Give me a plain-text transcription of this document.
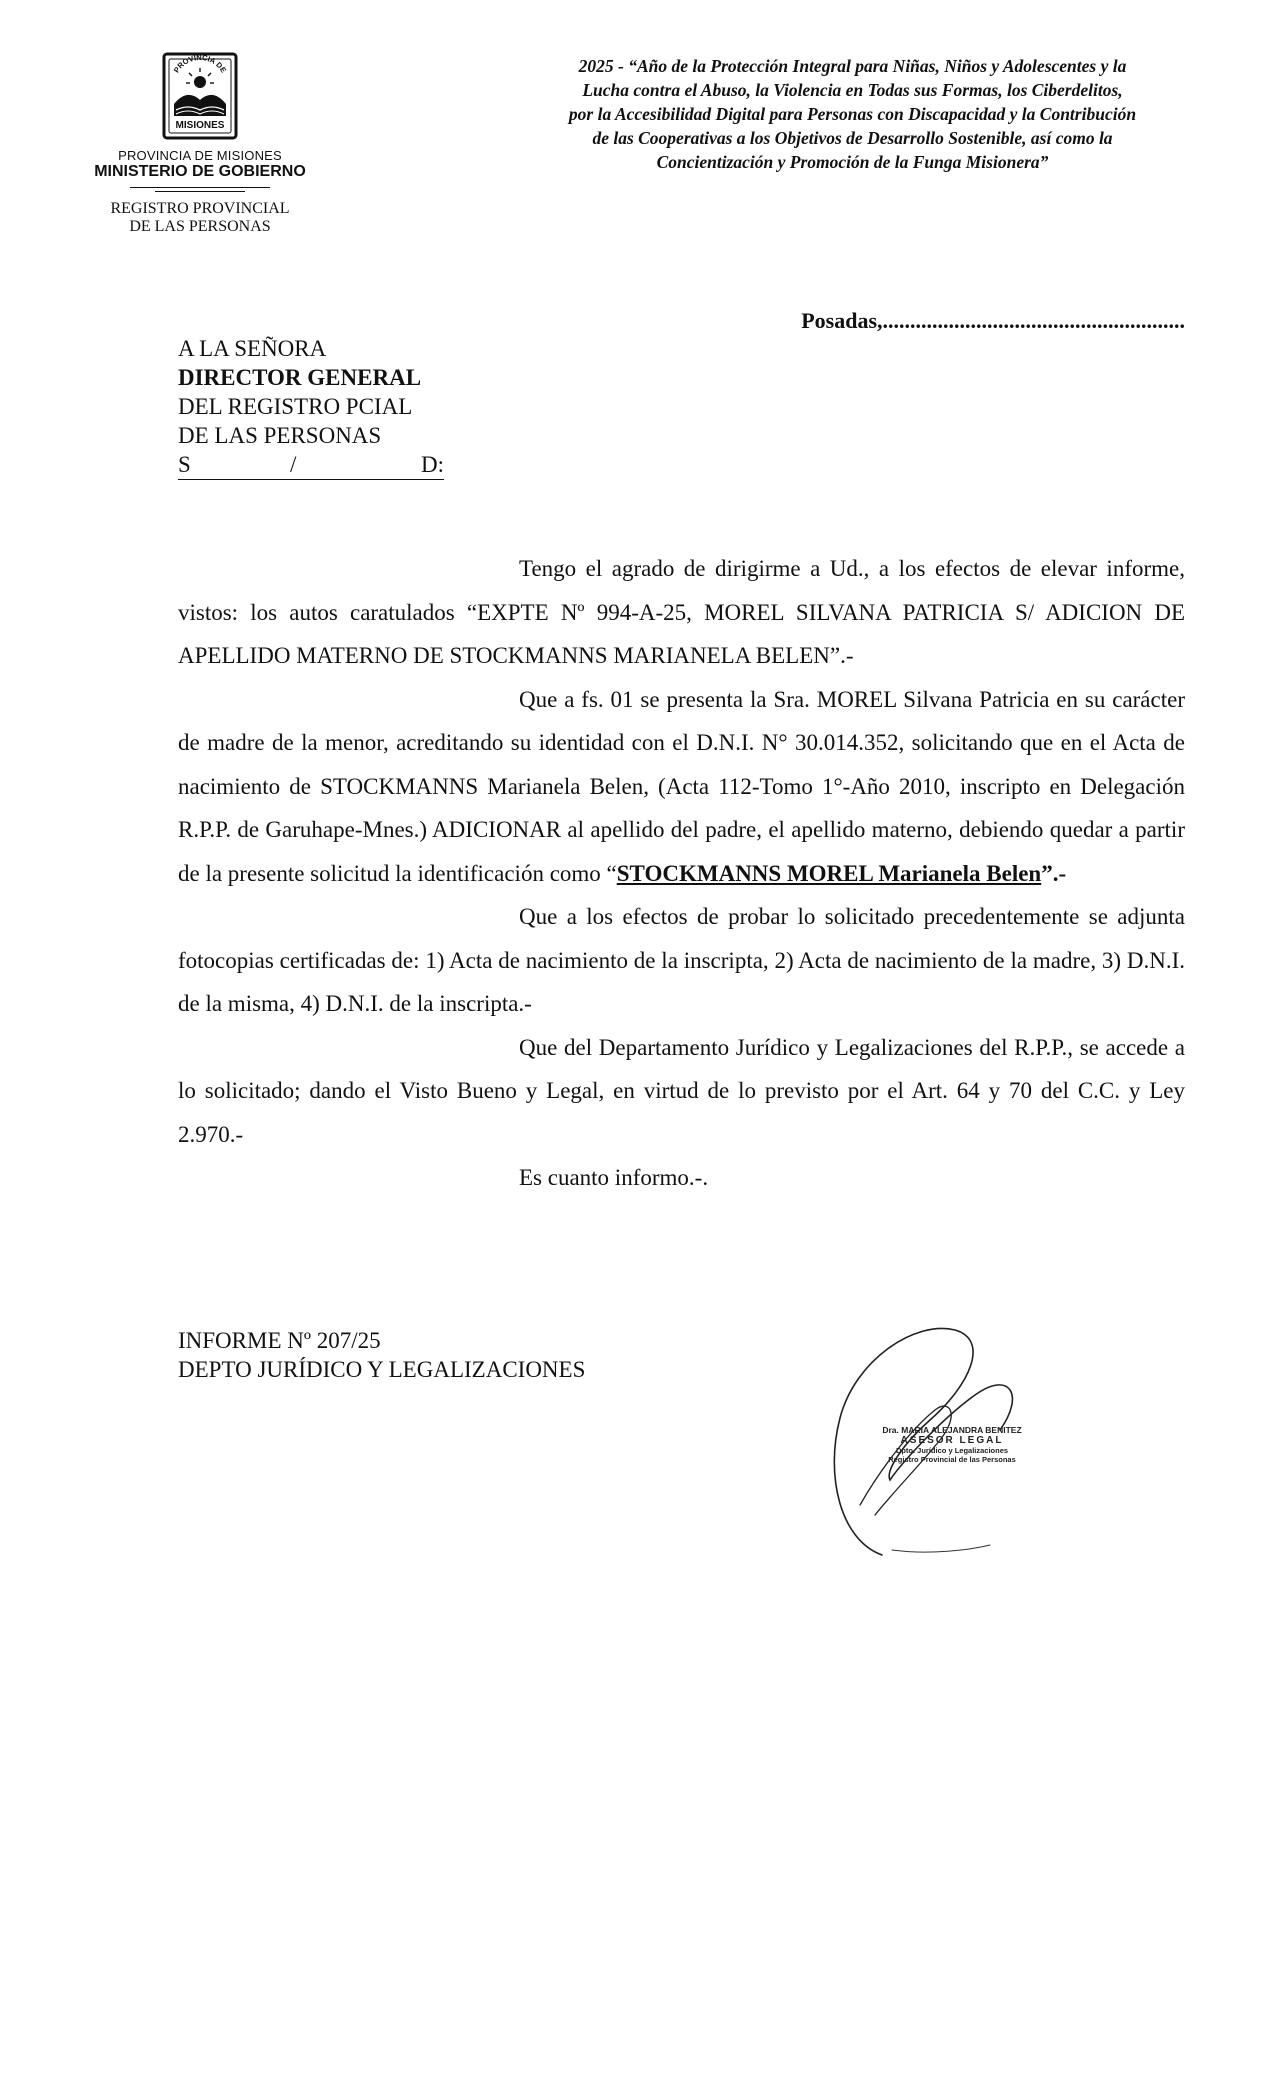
PROVINCIA DE
MISIONES
PROVINCIA DE MISIONES
MINISTERIO DE GOBIERNO
REGISTRO PROVINCIAL
DE LAS PERSONAS
2025 - “Año de la Protección Integral para Niñas, Niños y Adolescentes y la
Lucha contra el Abuso, la Violencia en Todas sus Formas, los Ciberdelitos,
por la Accesibilidad Digital para Personas con Discapacidad y la Contribución
de las Cooperativas a los Objetivos de Desarrollo Sostenible, así como la
Concientización y Promoción de la Funga Misionera”
Posadas,.......................................................
A LA SEÑORA
DIRECTOR GENERAL
DEL REGISTRO PCIAL
DE LAS PERSONAS
S	/	D:

Tengo el agrado de dirigirme a Ud., a los efectos de elevar informe, vistos: los autos caratulados “EXPTE Nº 994-A-25, MOREL SILVANA PATRICIA S/ ADICION DE APELLIDO MATERNO DE STOCKMANNS MARIANELA BELEN”.-

Que a fs. 01 se presenta la Sra. MOREL Silvana Patricia en su carácter de madre de la menor, acreditando su identidad con el D.N.I. N° 30.014.352, solicitando que en el Acta de nacimiento de STOCKMANNS Marianela Belen, (Acta 112-Tomo 1°-Año 2010, inscripto en Delegación R.P.P. de Garuhape-Mnes.) ADICIONAR al apellido del padre, el apellido materno, debiendo quedar a partir de la presente solicitud la identificación como “STOCKMANNS MOREL Marianela Belen”.-

Que a los efectos de probar lo solicitado precedentemente se adjunta fotocopias certificadas de: 1) Acta de nacimiento de la inscripta, 2) Acta de nacimiento de la madre, 3) D.N.I. de la misma, 4) D.N.I. de la inscripta.-

Que del Departamento Jurídico y Legalizaciones del R.P.P., se accede a lo solicitado; dando el Visto Bueno y Legal, en virtud de lo previsto por el Art. 64 y 70 del C.C. y Ley 2.970.-

Es cuanto informo.-.

INFORME Nº 207/25
DEPTO JURÍDICO Y LEGALIZACIONES
Dra. MARIA ALEJANDRA BENITEZ
ASESOR LEGAL
Dpto. Jurídico y Legalizaciones
Registro Provincial de las Personas
